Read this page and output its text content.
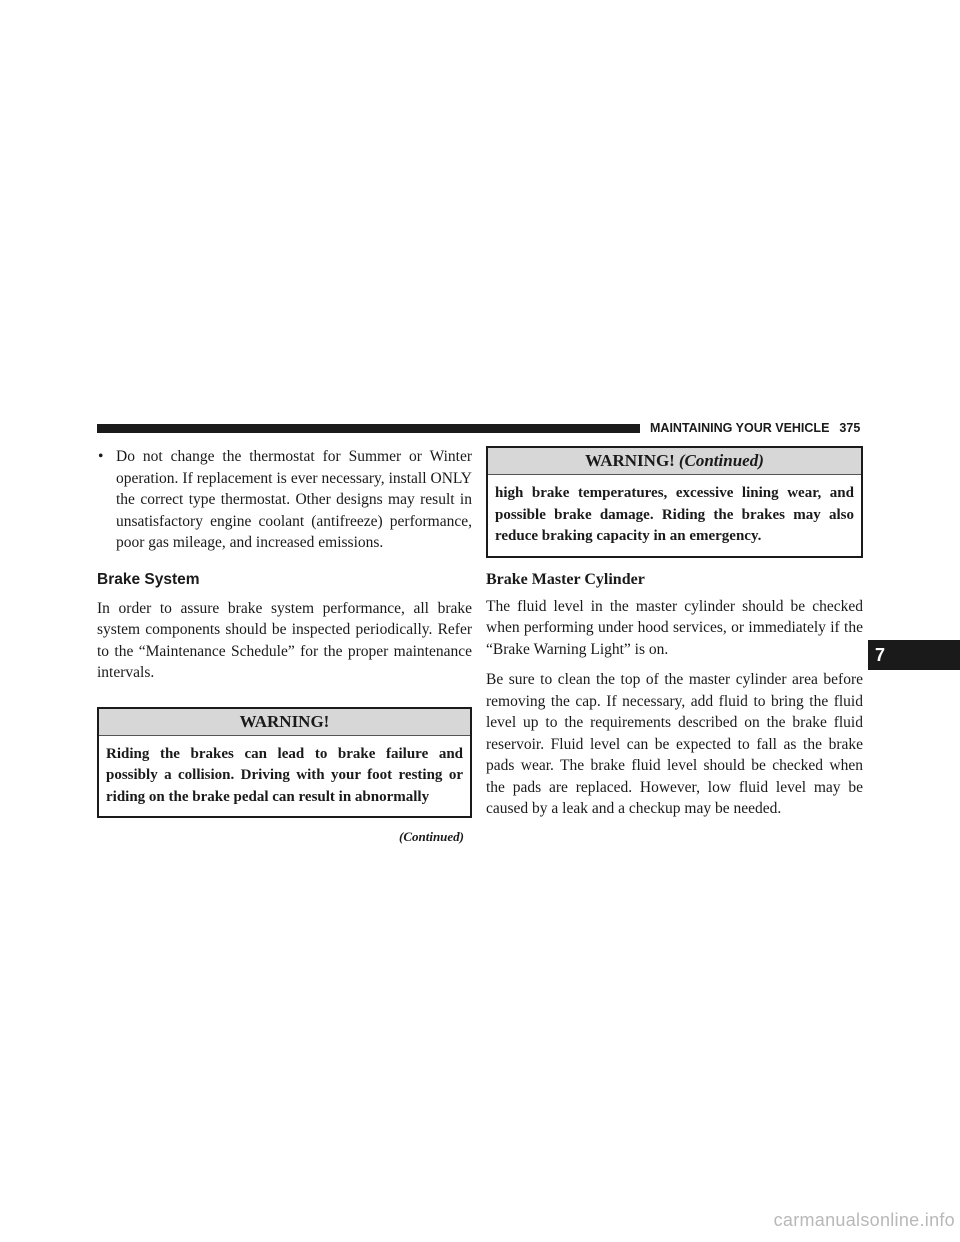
MAINTAINING YOUR VEHICLE 375
• Do not change the thermostat for Summer or Winter operation. If replacement is ever necessary, install ONLY the correct type thermostat. Other designs may result in unsatisfactory engine coolant (antifreeze) performance, poor gas mileage, and increased emissions.

Brake System

In order to assure brake system performance, all brake system components should be inspected periodically. Refer to the “Maintenance Schedule” for the proper maintenance intervals.

WARNING!

Riding the brakes can lead to brake failure and possibly a collision. Driving with your foot resting or riding on the brake pedal can result in abnormally

(Continued)
WARNING! (Continued)

high brake temperatures, excessive lining wear, and possible brake damage. Riding the brakes may also reduce braking capacity in an emergency.

Brake Master Cylinder

The fluid level in the master cylinder should be checked when performing under hood services, or immediately if the “Brake Warning Light” is on.

Be sure to clean the top of the master cylinder area before removing the cap. If necessary, add fluid to bring the fluid level up to the requirements described on the brake fluid reservoir. Fluid level can be expected to fall as the brake pads wear. The brake fluid level should be checked when the pads are replaced. However, low fluid level may be caused by a leak and a checkup may be needed.

7
carmanualsonline.info
